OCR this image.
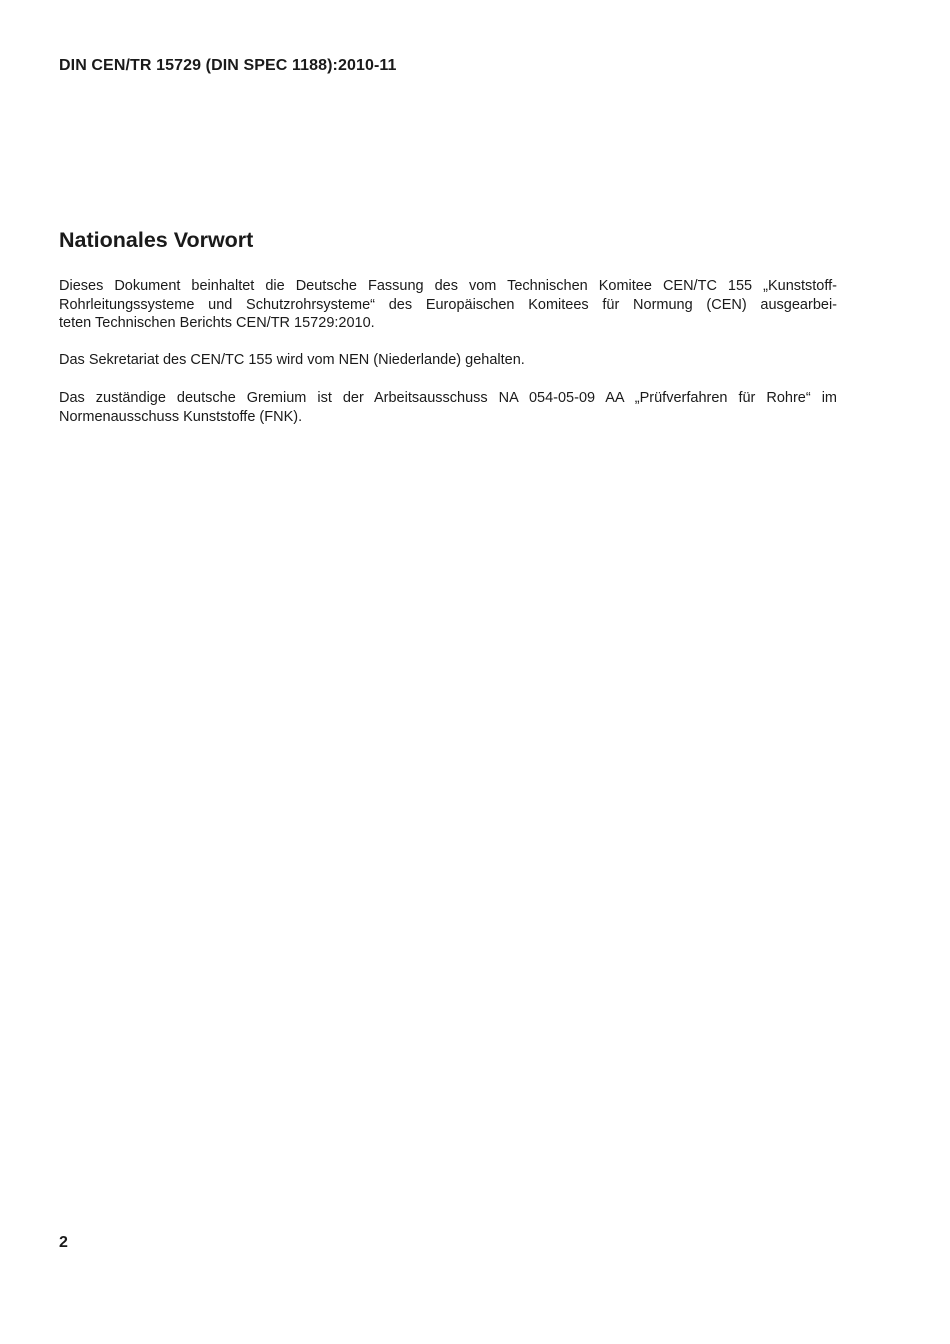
DIN CEN/TR 15729 (DIN SPEC 1188):2010-11
Nationales Vorwort
Dieses Dokument beinhaltet die Deutsche Fassung des vom Technischen Komitee CEN/TC 155 „Kunststoff-
Rohrleitungssysteme und Schutzrohrsysteme“ des Europäischen Komitees für Normung (CEN) ausgearbei-
teten Technischen Berichts CEN/TR 15729:2010.
Das Sekretariat des CEN/TC 155 wird vom NEN (Niederlande) gehalten.
Das zuständige deutsche Gremium ist der Arbeitsausschuss NA 054-05-09 AA „Prüfverfahren für Rohre“ im
Normenausschuss Kunststoffe (FNK).
2
